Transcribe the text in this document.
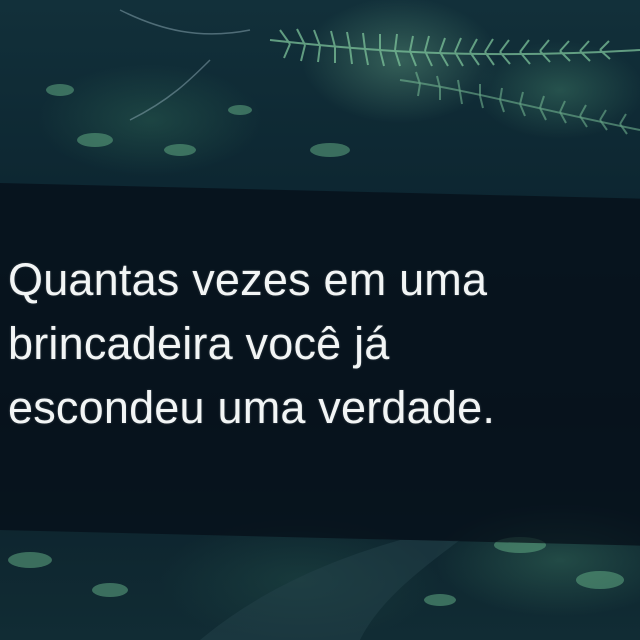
Quantas vezes em uma
brincadeira você já
escondeu uma verdade.
